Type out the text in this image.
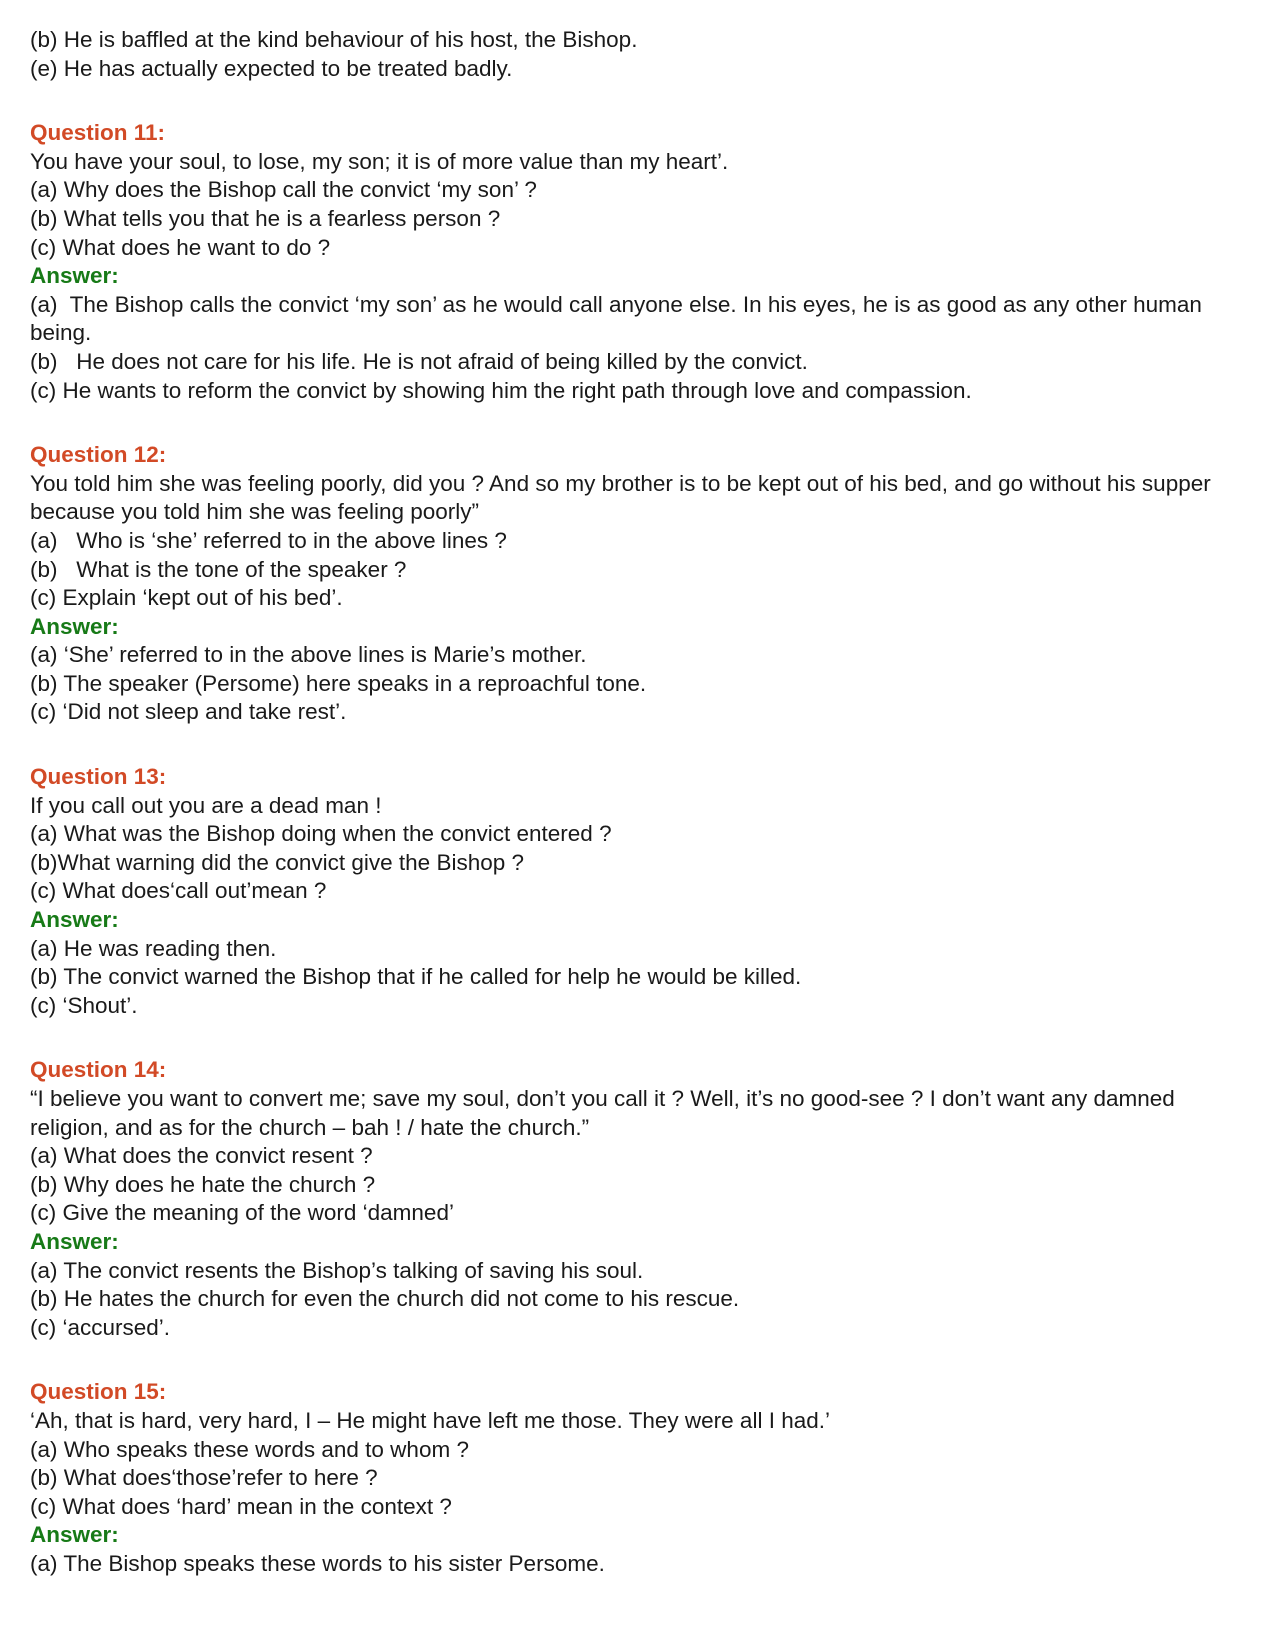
(b) He is baffled at the kind behaviour of his host, the Bishop.

(e) He has actually expected to be treated badly.

Question 11:

You have your soul, to lose, my son; it is of more value than my heart’.

(a) Why does the Bishop call the convict ‘my son’ ?

(b) What tells you that he is a fearless person ?

(c) What does he want to do ?

Answer:

(a)  The Bishop calls the convict ‘my son’ as he would call anyone else. In his eyes, he is as good as any other human being.

(b)   He does not care for his life. He is not afraid of being killed by the convict.

(c) He wants to reform the convict by showing him the right path through love and compassion.

Question 12:

You told him she was feeling poorly, did you ? And so my brother is to be kept out of his bed, and go without his supper because you told him she was feeling poorly”

(a)   Who is ‘she’ referred to in the above lines ?

(b)   What is the tone of the speaker ?

(c) Explain ‘kept out of his bed’.

Answer:

(a) ‘She’ referred to in the above lines is Marie’s mother.

(b) The speaker (Persome) here speaks in a reproachful tone.

(c) ‘Did not sleep and take rest’.

Question 13:

If you call out you are a dead man !

(a) What was the Bishop doing when the convict entered ?

(b)What warning did the convict give the Bishop ?

(c) What does‘call out’mean ?

Answer:

(a) He was reading then.

(b) The convict warned the Bishop that if he called for help he would be killed.

(c) ‘Shout’.

Question 14:

“I believe you want to convert me; save my soul, don’t you call it ? Well, it’s no good-see ? I don’t want any damned religion, and as for the church – bah ! / hate the church.”

(a) What does the convict resent ?

(b) Why does he hate the church ?

(c) Give the meaning of the word ‘damned’

Answer:

(a) The convict resents the Bishop’s talking of saving his soul.

(b) He hates the church for even the church did not come to his rescue.

(c) ‘accursed’.

Question 15:

‘Ah, that is hard, very hard, I – He might have left me those. They were all I had.’

(a) Who speaks these words and to whom ?

(b) What does‘those’refer to here ?

(c) What does ‘hard’ mean in the context ?

Answer:

(a) The Bishop speaks these words to his sister Persome.
